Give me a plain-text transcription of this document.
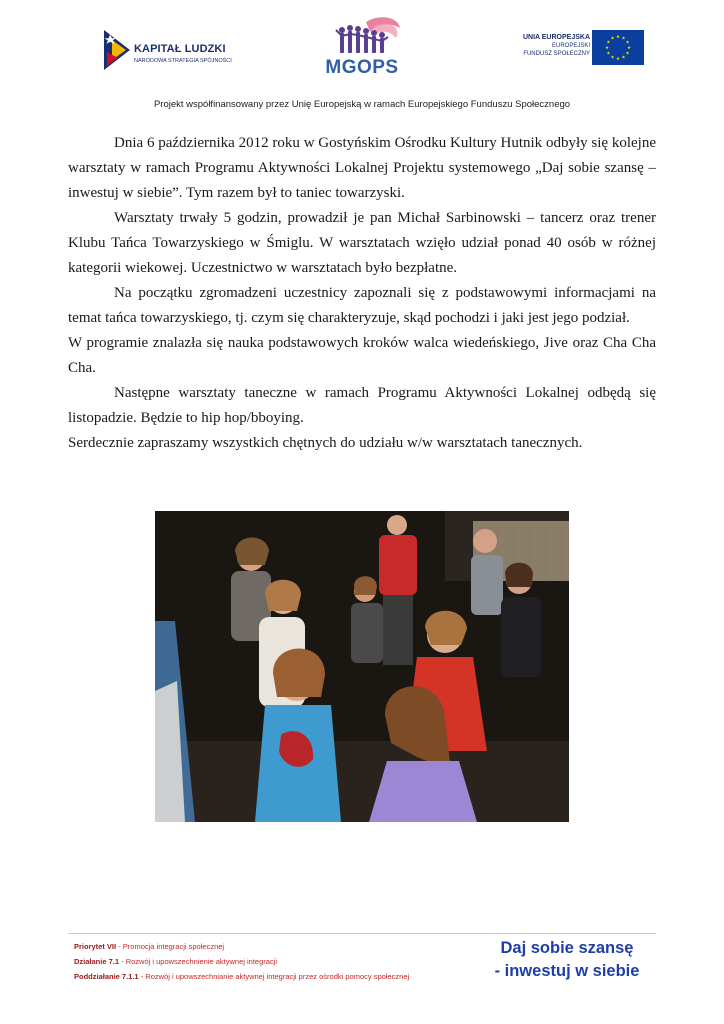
KAPITAŁ LUDZKI
NARODOWA STRATEGIA SPÓJNOŚCI	MGOPS
UNIA EUROPEJSKA
EUROPEJSKI
FUNDUSZ SPOŁECZNY
★ ★
★
★
★
★
★
★
★
★
★
★
Projekt współfinansowany przez Unię Europejską w ramach Europejskiego Funduszu Społecznego

Dnia 6 października 2012 roku w Gostyńskim Ośrodku Kultury Hutnik odbyły się kolejne warsztaty w ramach Programu Aktywności Lokalnej Projektu systemowego „Daj sobie szansę – inwestuj w siebie”. Tym razem był to taniec towarzyski.

Warsztaty trwały 5 godzin, prowadził je pan Michał Sarbinowski – tancerz oraz trener Klubu Tańca Towarzyskiego w Śmiglu. W warsztatach wzięło udział ponad 40 osób w różnej kategorii wiekowej. Uczestnictwo w warsztatach było bezpłatne.

Na początku zgromadzeni uczestnicy zapoznali się z podstawowymi informacjami na temat tańca towarzyskiego, tj. czym się charakteryzuje, skąd pochodzi i jaki jest jego podział.

W programie znalazła się nauka podstawowych kroków walca wiedeńskiego, Jive oraz Cha Cha Cha.

Następne warsztaty taneczne w ramach Programu Aktywności Lokalnej odbędą się listopadzie. Będzie to hip hop/bboying.

Serdecznie zapraszamy wszystkich chętnych do udziału w/w warsztatach tanecznych.

Priorytet VII - Promocja integracji społecznej
Działanie 7.1 - Rozwój i upowszechnienie aktywnej integracji
Poddziałanie 7.1.1 - Rozwój i upowszechnianie aktywnej integracji przez ośrodki pomocy społecznej
Daj sobie szansę
- inwestuj w siebie
